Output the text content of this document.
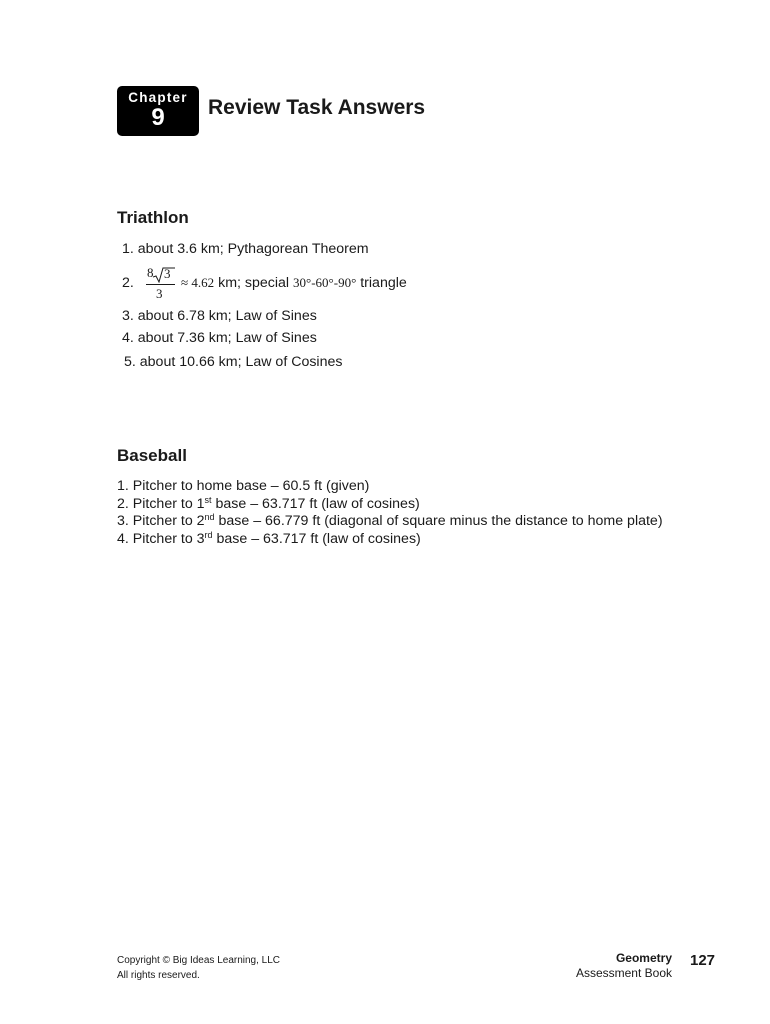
Chapter
9	Review Task Answers
Triathlon
1. about 3.6 km; Pythagorean Theorem
2.
8 3
3
≈ 4.62 km; special 30°-60°-90° triangle
3. about 6.78 km; Law of Sines
4. about 7.36 km; Law of Sines
5. about 10.66 km; Law of Cosines
Baseball
1. Pitcher to home base – 60.5 ft (given)
2. Pitcher to 1st base – 63.717 ft (law of cosines)
3. Pitcher to 2nd base – 66.779 ft (diagonal of square minus the distance to home plate)
4. Pitcher to 3rd base – 63.717 ft (law of cosines)
Copyright © Big Ideas Learning, LLC
All rights reserved.
Geometry
Assessment Book
127
